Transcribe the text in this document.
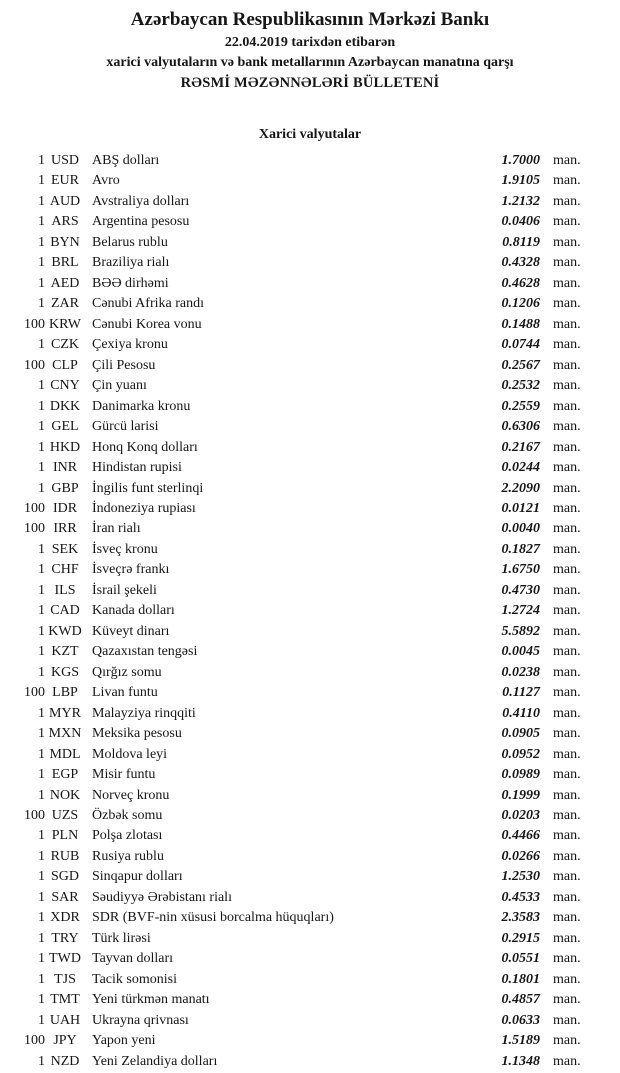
Azərbaycan Respublikasının Mərkəzi Bankı
22.04.2019 tarixdən etibarən
xarici valyutaların və bank metallarının Azərbaycan manatına qarşı
RƏSMİ MƏZƏNNƏLƏRİ BÜLLETENİ
Xarici valyutalar
1 USD ABŞ dolları	1.7000 man.
1 EUR Avro	1.9105 man.
1 AUD Avstraliya dolları	1.2132 man.
1 ARS Argentina pesosu	0.0406 man.
1 BYN Belarus rublu	0.8119 man.
1 BRL Braziliya rialı	0.4328 man.
1 AED BƏƏ dirhəmi	0.4628 man.
1 ZAR Cənubi Afrika randı	0.1206 man.
100 KRW Cənubi Korea vonu	0.1488 man.
1 CZK Çexiya kronu	0.0744 man.
100 CLP	Çili Pesosu	0.2567 man.
1 CNY Çin yuanı	0.2532 man.
1 DKK Danimarka kronu	0.2559 man.
1 GEL Gürcü larisi	0.6306 man.
1 HKD Honq Konq dolları	0.2167 man.
1 INR	Hindistan rupisi	0.0244 man.
1 GBP İngilis funt sterlinqi	2.2090 man.
100 IDR	İndoneziya rupiası	0.0121 man.
100 IRR	İran rialı	0.0040 man.
1 SEK İsveç kronu	0.1827 man.
1 CHF İsveçrə frankı	1.6750 man.
1 ILS	İsrail şekeli	0.4730 man.
1 CAD Kanada dolları	1.2724 man.
1 KWD Küveyt dinarı	5.5892 man.
1 KZT Qazaxıstan tengəsi	0.0045 man.
1 KGS Qırğız somu	0.0238 man.
100 LBP	Livan funtu	0.1127 man.
1 MYR Malayziya rinqqiti	0.4110 man.
1 MXN Meksika pesosu	0.0905 man.
1 MDL Moldova leyi	0.0952 man.
1 EGP Misir funtu	0.0989 man.
1 NOK Norveç kronu	0.1999 man.
100 UZS Özbək somu	0.0203 man.
1 PLN Polşa zlotası	0.4466 man.
1 RUB Rusiya rublu	0.0266 man.
1 SGD Sinqapur dolları	1.2530 man.
1 SAR Səudiyyə Ərəbistanı rialı	0.4533 man.
1 XDR SDR (BVF-nin xüsusi borcalma hüquqları)	2.3583 man.
1 TRY Türk lirəsi	0.2915 man.
1 TWD Tayvan dolları	0.0551 man.
1 TJS	Tacik somonisi	0.1801 man.
1 TMT Yeni türkmən manatı	0.4857 man.
1 UAH Ukrayna qrivnası	0.0633 man.
100 JPY	Yapon yeni	1.5189 man.
1 NZD Yeni Zelandiya dolları	1.1348 man.
